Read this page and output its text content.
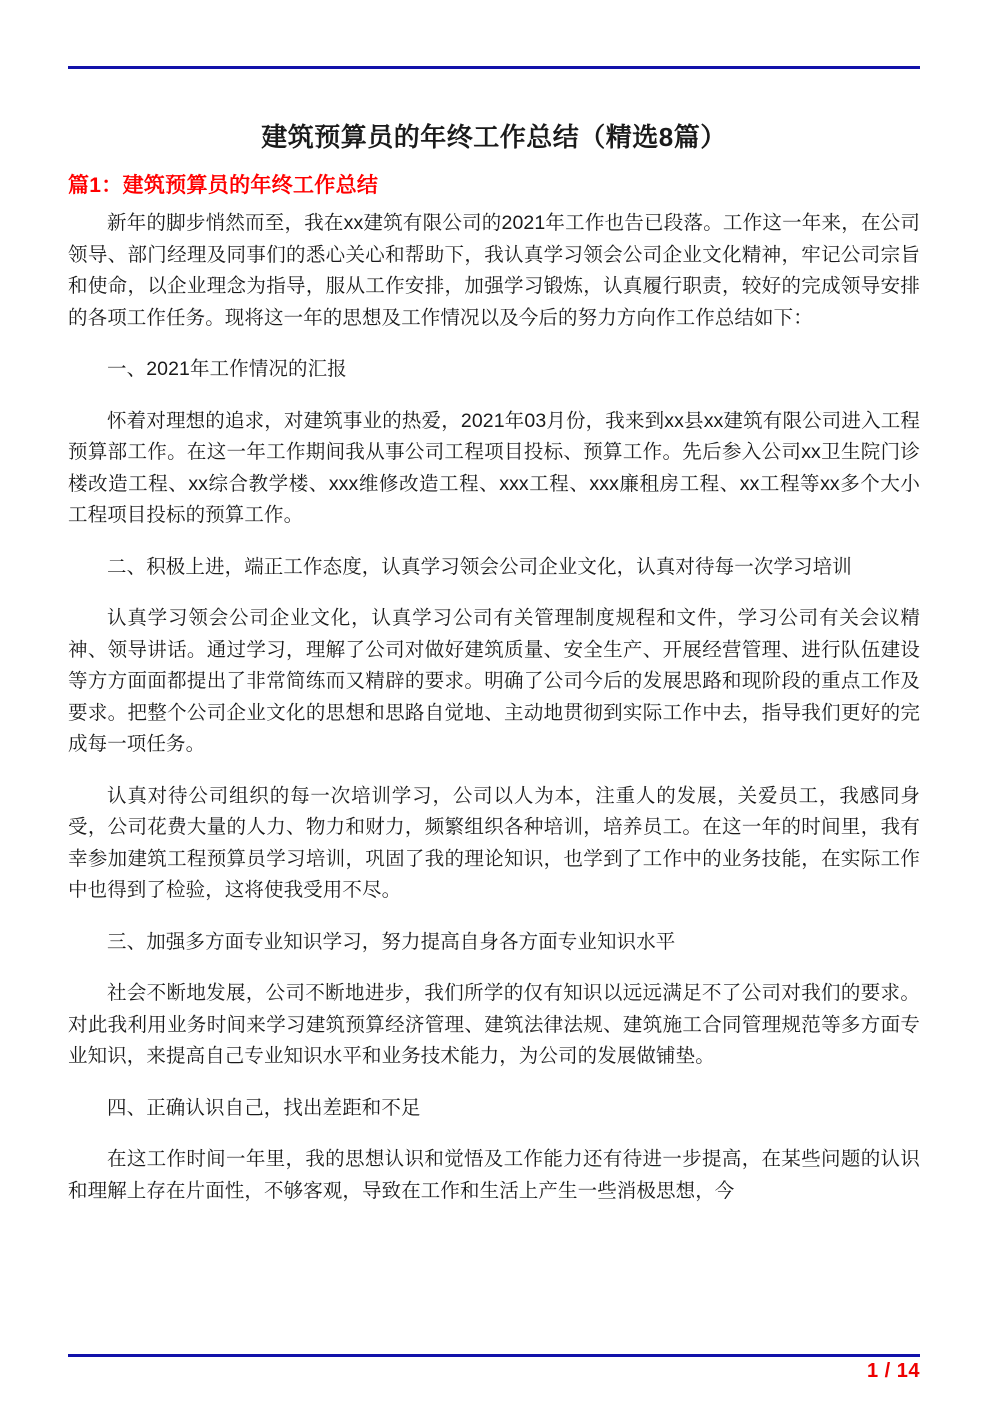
建筑预算员的年终工作总结（精选8篇）
篇1：建筑预算员的年终工作总结

新年的脚步悄然而至，我在xx建筑有限公司的2021年工作也告已段落。工作这一年来，在公司领导、部门经理及同事们的悉心关心和帮助下，我认真学习领会公司企业文化精神，牢记公司宗旨和使命，以企业理念为指导，服从工作安排，加强学习锻炼，认真履行职责，较好的完成领导安排的各项工作任务。现将这一年的思想及工作情况以及今后的努力方向作工作总结如下：

一、2021年工作情况的汇报

怀着对理想的追求，对建筑事业的热爱，2021年03月份，我来到xx县xx建筑有限公司进入工程预算部工作。在这一年工作期间我从事公司工程项目投标、预算工作。先后参入公司xx卫生院门诊楼改造工程、xx综合教学楼、xxx维修改造工程、xxx工程、xxx廉租房工程、xx工程等xx多个大小工程项目投标的预算工作。

二、积极上进，端正工作态度，认真学习领会公司企业文化，认真对待每一次学习培训

认真学习领会公司企业文化，认真学习公司有关管理制度规程和文件，学习公司有关会议精神、领导讲话。通过学习，理解了公司对做好建筑质量、安全生产、开展经营管理、进行队伍建设等方方面面都提出了非常简练而又精辟的要求。明确了公司今后的发展思路和现阶段的重点工作及要求。把整个公司企业文化的思想和思路自觉地、主动地贯彻到实际工作中去，指导我们更好的完成每一项任务。

认真对待公司组织的每一次培训学习，公司以人为本，注重人的发展，关爱员工，我感同身受，公司花费大量的人力、物力和财力，频繁组织各种培训，培养员工。在这一年的时间里，我有幸参加建筑工程预算员学习培训，巩固了我的理论知识，也学到了工作中的业务技能，在实际工作中也得到了检验，这将使我受用不尽。

三、加强多方面专业知识学习，努力提高自身各方面专业知识水平

社会不断地发展，公司不断地进步，我们所学的仅有知识以远远满足不了公司对我们的要求。对此我利用业务时间来学习建筑预算经济管理、建筑法律法规、建筑施工合同管理规范等多方面专业知识，来提高自己专业知识水平和业务技术能力，为公司的发展做铺垫。

四、正确认识自己，找出差距和不足

在这工作时间一年里，我的思想认识和觉悟及工作能力还有待进一步提高，在某些问题的认识和理解上存在片面性，不够客观，导致在工作和生活上产生一些消极思想，今

1 / 14
